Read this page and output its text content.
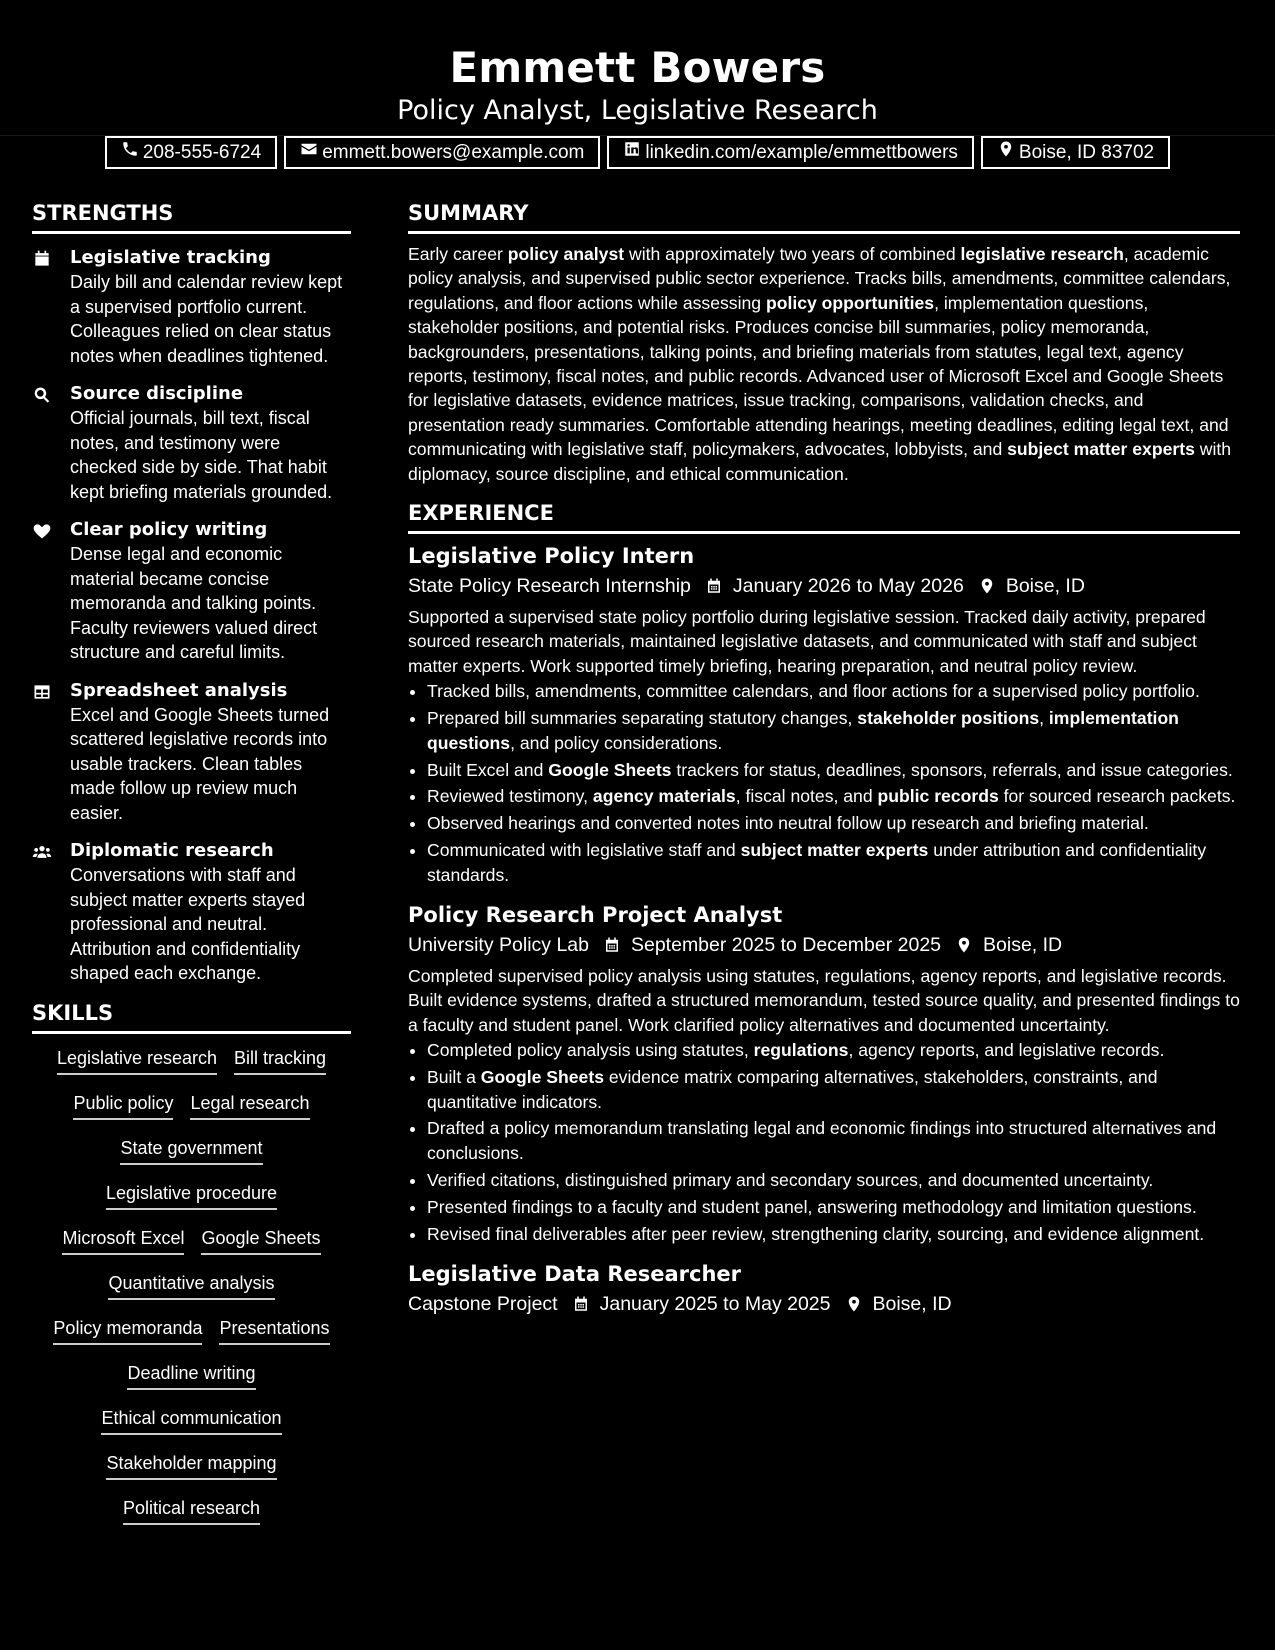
Emmett Bowers
Policy Analyst, Legislative Research
208-555-6724	emmett.bowers@example.com	linkedin.com/example/emmettbowers	Boise, ID 83702
STRENGTHS
Legislative tracking
Daily bill and calendar review kept a supervised portfolio current. Colleagues relied on clear status notes when deadlines tightened.
Source discipline
Official journals, bill text, fiscal notes, and testimony were checked side by side. That habit kept briefing materials grounded.
Clear policy writing
Dense legal and economic material became concise memoranda and talking points. Faculty reviewers valued direct structure and careful limits.
Spreadsheet analysis
Excel and Google Sheets turned scattered legislative records into usable trackers. Clean tables made follow up review much easier.
Diplomatic research
Conversations with staff and subject matter experts stayed professional and neutral. Attribution and confidentiality shaped each exchange.
SKILLS
Legislative research Bill tracking
Public policy Legal research
State government
Legislative procedure
Microsoft Excel Google Sheets
Quantitative analysis
Policy memoranda Presentations
Deadline writing
Ethical communication
Stakeholder mapping
Political research
SUMMARY

Early career policy analyst with approximately two years of combined legislative research, academic policy analysis, and supervised public sector experience. Tracks bills, amendments, committee calendars, regulations, and floor actions while assessing policy opportunities, implementation questions, stakeholder positions, and potential risks. Produces concise bill summaries, policy memoranda, backgrounders, presentations, talking points, and briefing materials from statutes, legal text, agency reports, testimony, fiscal notes, and public records. Advanced user of Microsoft Excel and Google Sheets for legislative datasets, evidence matrices, issue tracking, comparisons, validation checks, and presentation ready summaries. Comfortable attending hearings, meeting deadlines, editing legal text, and communicating with legislative staff, policymakers, advocates, lobbyists, and subject matter experts with diplomacy, source discipline, and ethical communication.

EXPERIENCE
Legislative Policy Intern
State Policy Research Internship January 2026 to May 2026 Boise, ID
Supported a supervised state policy portfolio during legislative session. Tracked daily activity, prepared sourced research materials, maintained legislative datasets, and communicated with staff and subject matter experts. Work supported timely briefing, hearing preparation, and neutral policy review.
• Tracked bills, amendments, committee calendars, and floor actions for a supervised policy portfolio.
• Prepared bill summaries separating statutory changes, stakeholder positions, implementation questions, and policy considerations.
• Built Excel and Google Sheets trackers for status, deadlines, sponsors, referrals, and issue categories.
• Reviewed testimony, agency materials, fiscal notes, and public records for sourced research packets.
• Observed hearings and converted notes into neutral follow up research and briefing material.
• Communicated with legislative staff and subject matter experts under attribution and confidentiality standards.
Policy Research Project Analyst
University Policy Lab September 2025 to December 2025 Boise, ID
Completed supervised policy analysis using statutes, regulations, agency reports, and legislative records. Built evidence systems, drafted a structured memorandum, tested source quality, and presented findings to a faculty and student panel. Work clarified policy alternatives and documented uncertainty.
• Completed policy analysis using statutes, regulations, agency reports, and legislative records.
• Built a Google Sheets evidence matrix comparing alternatives, stakeholders, constraints, and quantitative indicators.
• Drafted a policy memorandum translating legal and economic findings into structured alternatives and conclusions.
• Verified citations, distinguished primary and secondary sources, and documented uncertainty.
• Presented findings to a faculty and student panel, answering methodology and limitation questions.
• Revised final deliverables after peer review, strengthening clarity, sourcing, and evidence alignment.
Legislative Data Researcher
Capstone Project January 2025 to May 2025 Boise, ID
